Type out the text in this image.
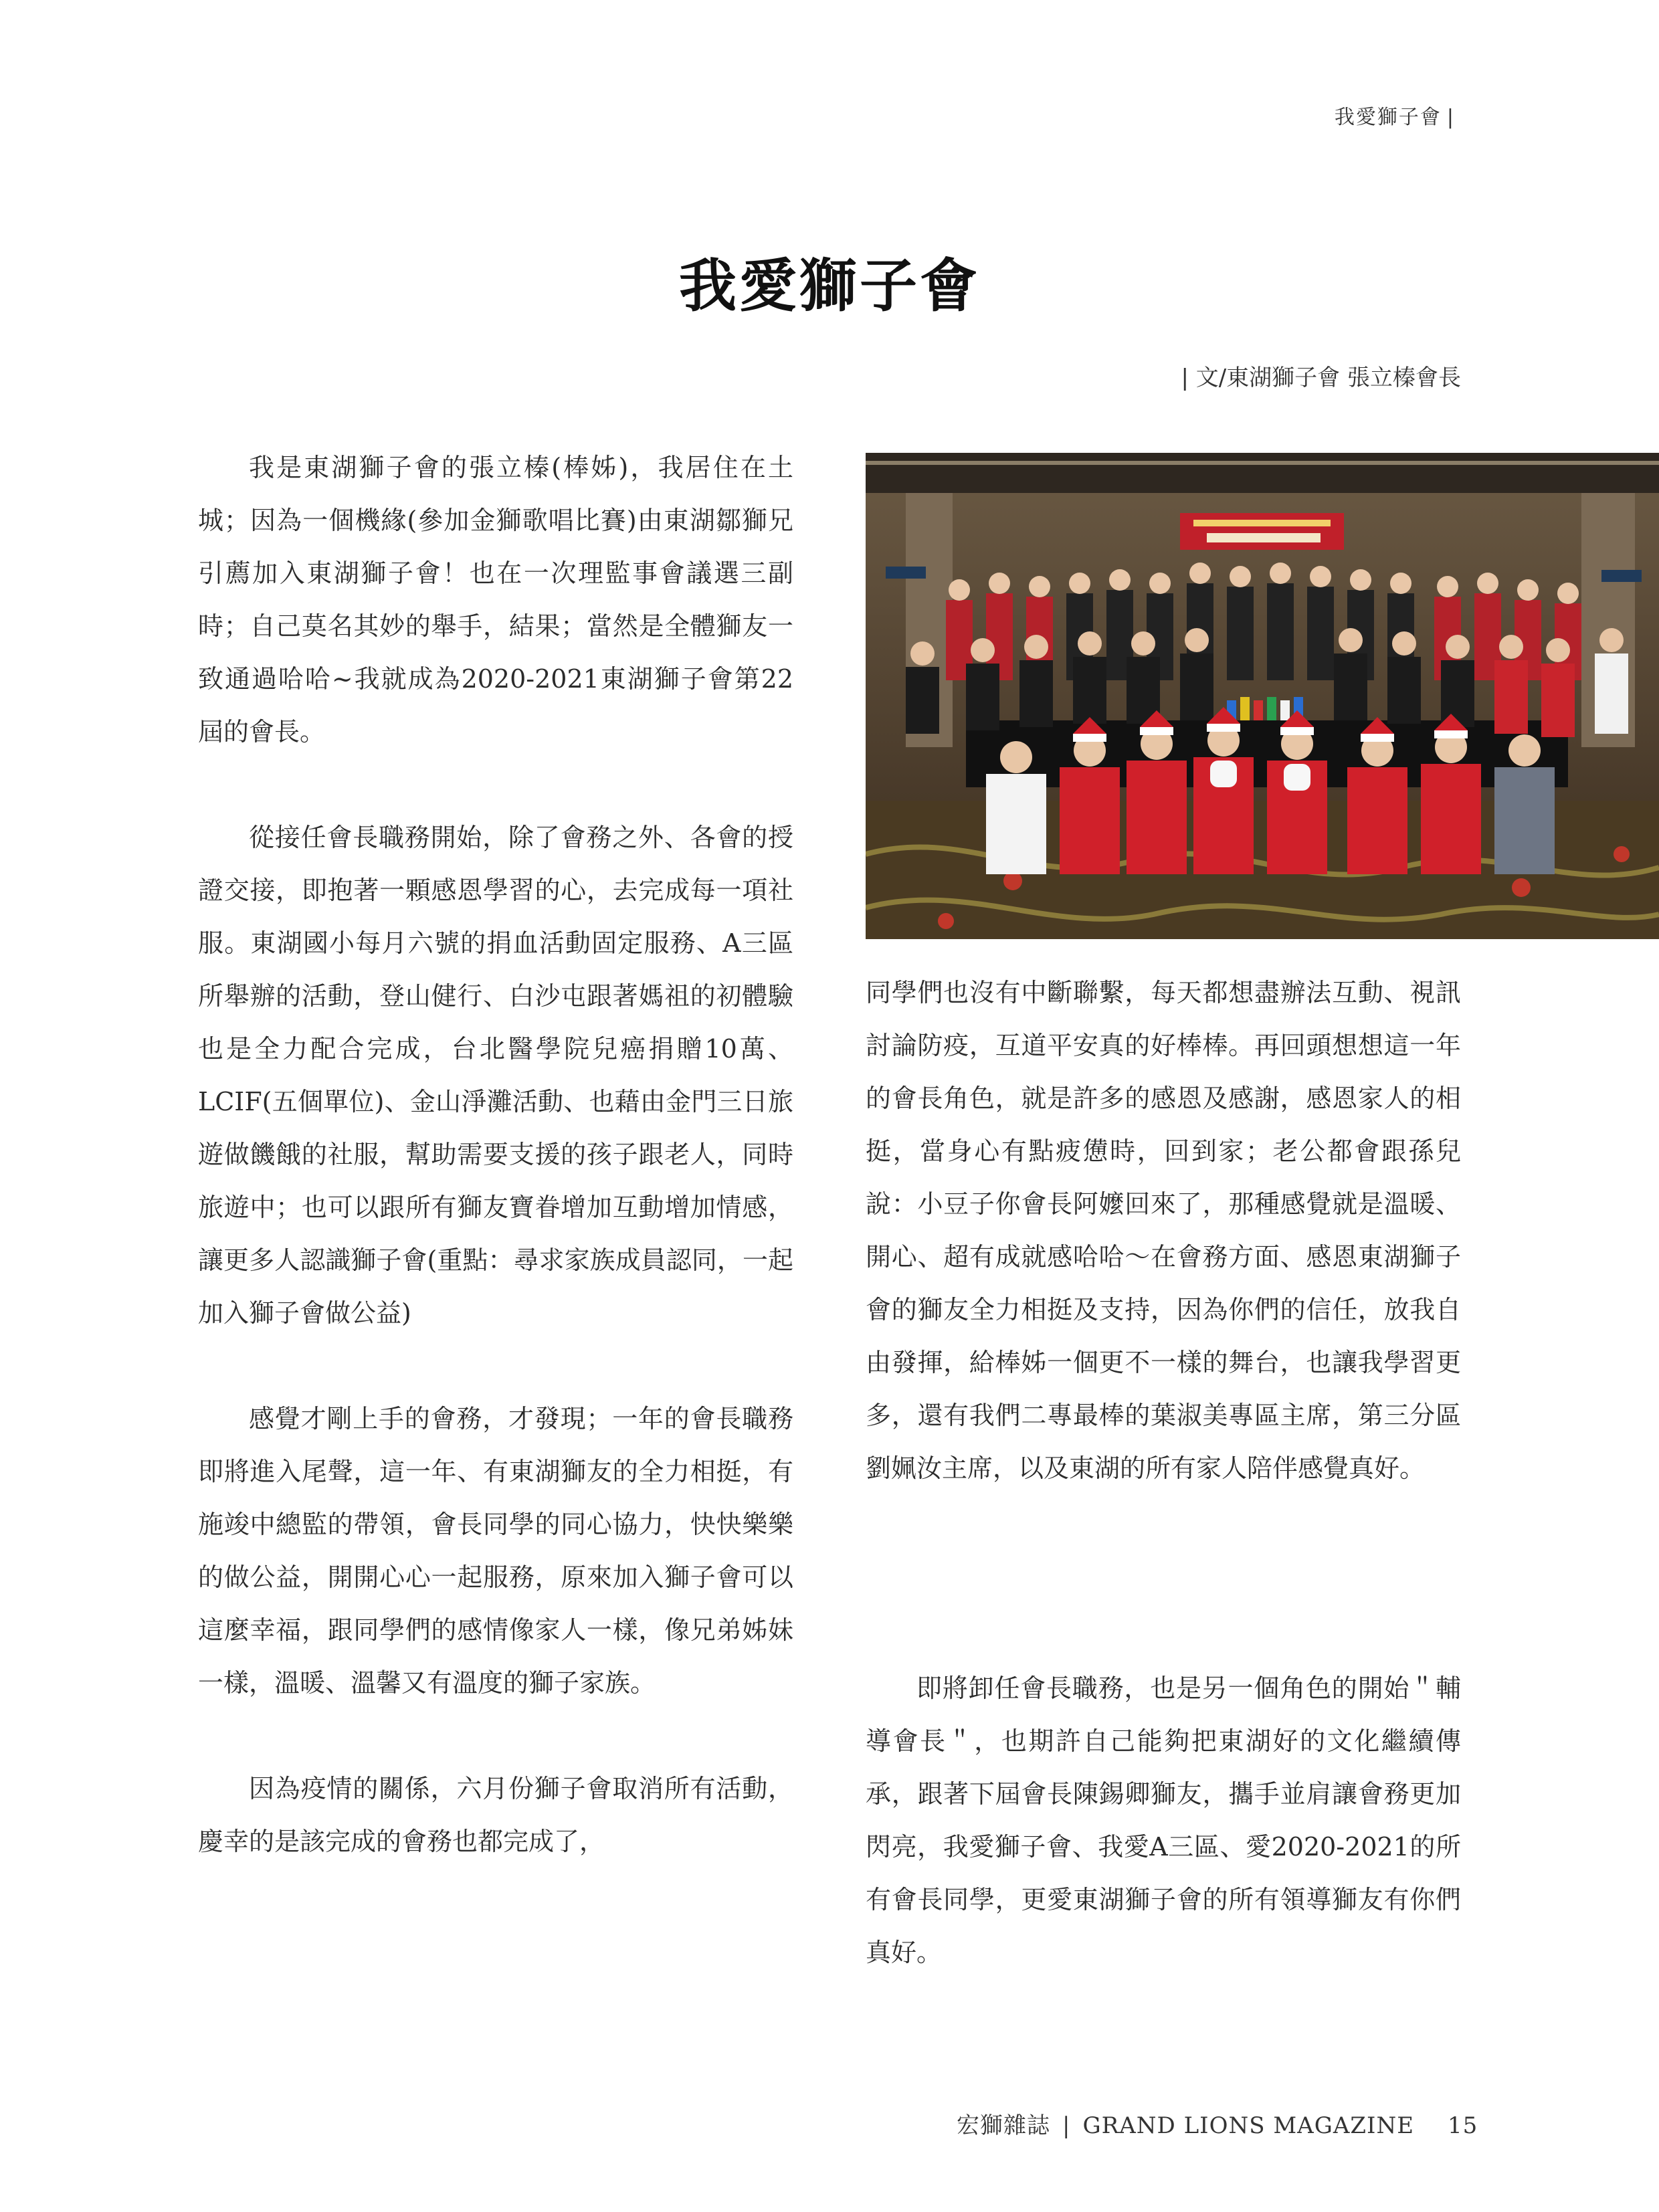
我愛獅子會 |
我愛獅子會
| 文/東湖獅子會 張立榛會長

我是東湖獅子會的張立榛(棒姊)，我居住在土城；因為一個機緣(參加金獅歌唱比賽)由東湖鄒獅兄引薦加入東湖獅子會！也在一次理監事會議選三副時；自己莫名其妙的舉手，結果；當然是全體獅友一致通過哈哈~我就成為2020-2021東湖獅子會第22屆的會長。

從接任會長職務開始，除了會務之外、各會的授證交接，即抱著一顆感恩學習的心，去完成每一項社服。東湖國小每月六號的捐血活動固定服務、A三區所舉辦的活動，登山健行、白沙屯跟著媽祖的初體驗也是全力配合完成，台北醫學院兒癌捐贈10萬、LCIF(五個單位)、金山淨灘活動、也藉由金門三日旅遊做饑餓的社服，幫助需要支援的孩子跟老人，同時旅遊中；也可以跟所有獅友寶眷增加互動增加情感，讓更多人認識獅子會(重點：尋求家族成員認同，一起加入獅子會做公益)

感覺才剛上手的會務，才發現；一年的會長職務即將進入尾聲，這一年、有東湖獅友的全力相挺，有施竣中總監的帶領，會長同學的同心協力，快快樂樂的做公益，開開心心一起服務，原來加入獅子會可以這麼幸福，跟同學們的感情像家人一樣，像兄弟姊妹一樣，溫暖、溫馨又有溫度的獅子家族。

因為疫情的關係，六月份獅子會取消所有活動，慶幸的是該完成的會務也都完成了，

同學們也沒有中斷聯繫，每天都想盡辦法互動、視訊討論防疫，互道平安真的好棒棒。再回頭想想這一年的會長角色，就是許多的感恩及感謝，感恩家人的相挺，當身心有點疲憊時，回到家；老公都會跟孫兒說：小豆子你會長阿嬤回來了，那種感覺就是溫暖、開心、超有成就感哈哈～在會務方面、感恩東湖獅子會的獅友全力相挺及支持，因為你們的信任，放我自由發揮，給棒姊一個更不一樣的舞台，也讓我學習更多，還有我們二專最棒的葉淑美專區主席，第三分區劉姵汝主席，以及東湖的所有家人陪伴感覺真好。

即將卸任會長職務，也是另一個角色的開始＂輔導會長＂，也期許自己能夠把東湖好的文化繼續傳承，跟著下屆會長陳錫卿獅友，攜手並肩讓會務更加閃亮，我愛獅子會、我愛A三區、愛2020-2021的所有會長同學，更愛東湖獅子會的所有領導獅友有你們真好。

宏獅雜誌 | GRAND LIONS MAGAZINE 15
